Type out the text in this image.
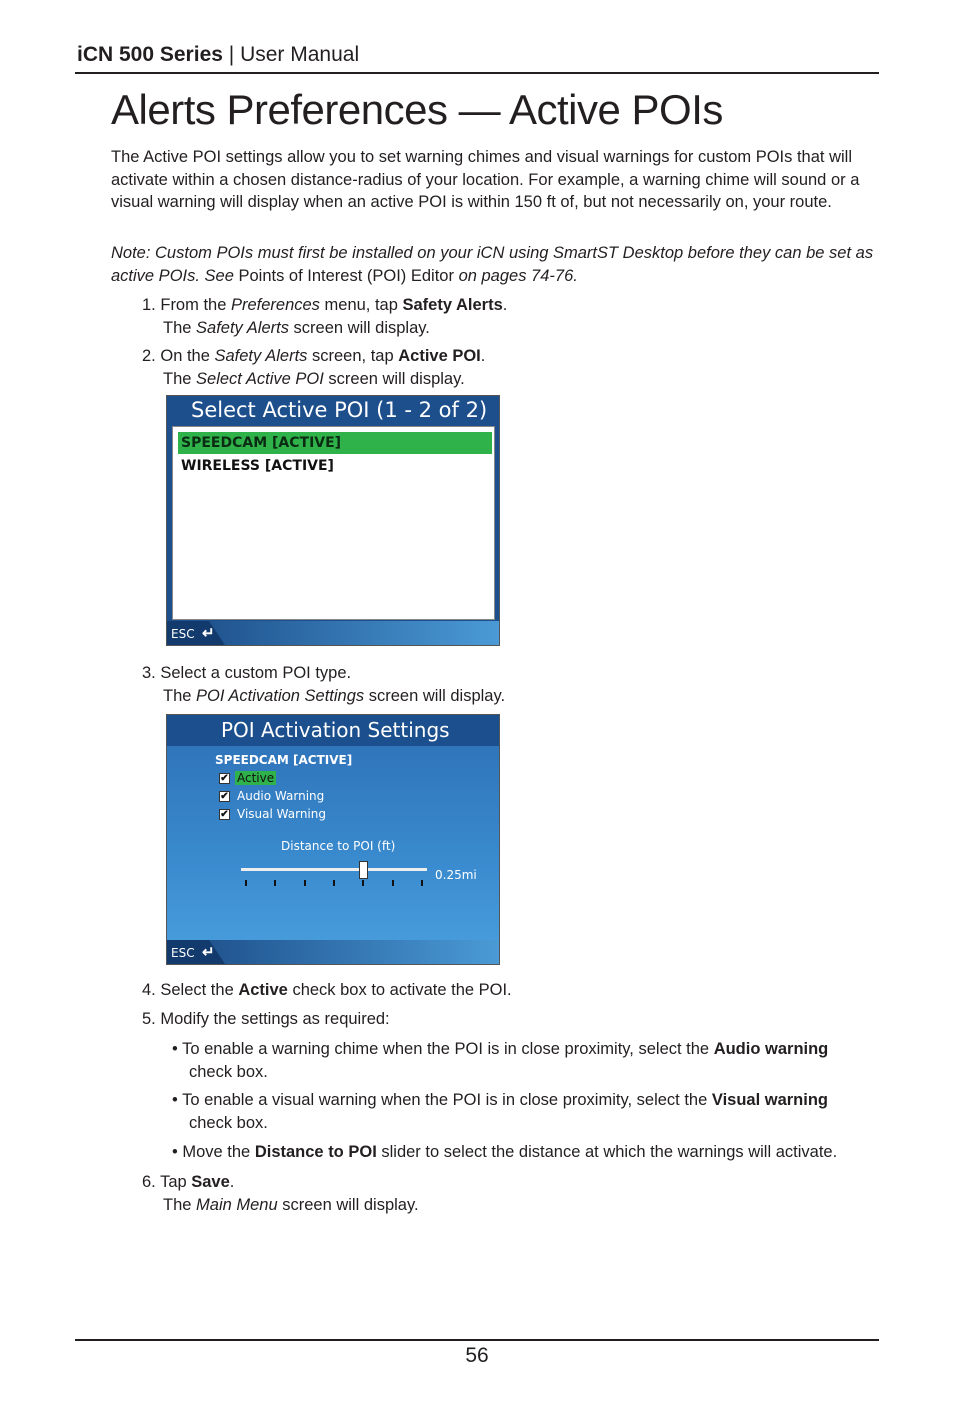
iCN 500 Series | User Manual
Alerts Preferences — Active POIs

The Active POI settings allow you to set warning chimes and visual warnings for custom POIs that will activate within a chosen distance-radius of your location. For example, a warning chime will sound or a visual warning will display when an active POI is within 150 ft of, but not necessarily on, your route.

Note: Custom POIs must first be installed on your iCN using SmartST Desktop before they can be set as active POIs. See Points of Interest (POI) Editor on pages 74-76.

1. From the Preferences menu, tap Safety Alerts.
The Safety Alerts screen will display.
2. On the Safety Alerts screen, tap Active POI.
The Select Active POI screen will display.
Select Active POI (1 - 2 of 2)
SPEEDCAM [ACTIVE]
WIRELESS [ACTIVE]
ESC ↵
3. Select a custom POI type.
The POI Activation Settings screen will display.
POI Activation Settings
SPEEDCAM [ACTIVE]
✔ Active
✔ Audio Warning
✔ Visual Warning
Distance to POI (ft)
0.25mi
ESC ↵
4. Select the Active check box to activate the POI.
5. Modify the settings as required:
• To enable a warning chime when the POI is in close proximity, select the Audio warning
check box.
• To enable a visual warning when the POI is in close proximity, select the Visual warning
check box.
• Move the Distance to POI slider to select the distance at which the warnings will activate.
6. Tap Save.
The Main Menu screen will display.
56
